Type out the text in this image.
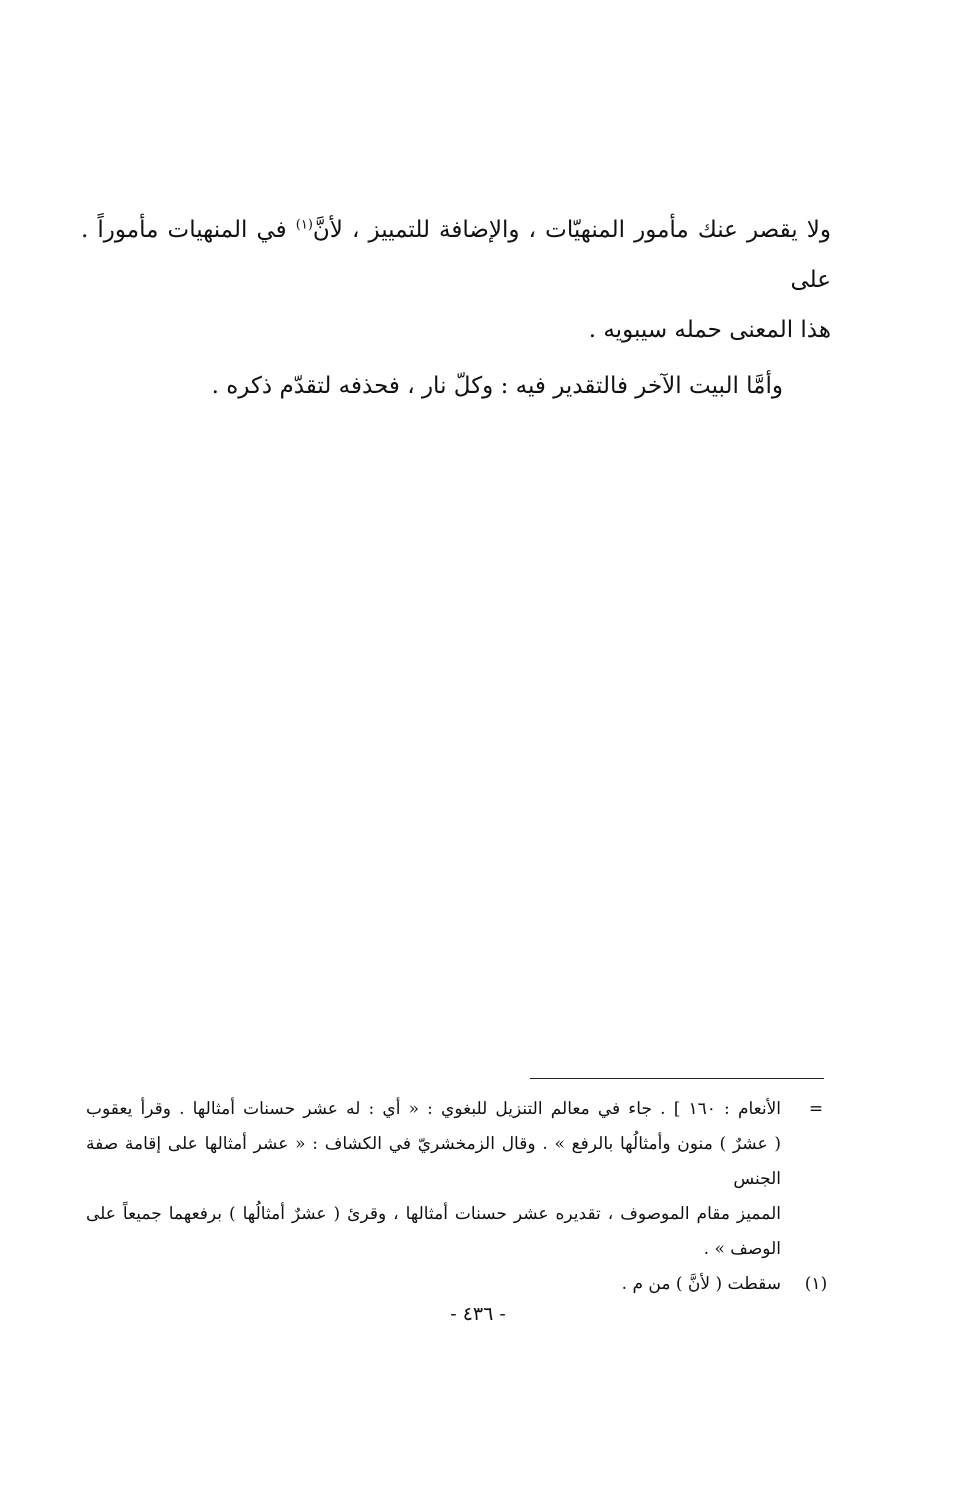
ولا يقصر عنك مأمور المنهيّات ، والإضافة للتمييز ، لأنَّ$^{(١)}$ في المنهيات مأموراً . على
هذا المعنى حمله سيبويه .

وأمَّا البيت الآخر فالتقدير فيه : وكلّ نار ، فحذفه لتقدّم ذكره .

=
الأنعام : ١٦٠ ] . جاء في معالم التنزيل للبغوي : « أي : له عشر حسنات أمثالها . وقرأ يعقوب
( عشرٌ ) منون وأمثالُها بالرفع » . وقال الزمخشريّ في الكشاف : « عشر أمثالها على إقامة صفة الجنس
المميز مقام الموصوف ، تقديره عشر حسنات أمثالها ، وقرئ ( عشرٌ أمثالُها ) برفعهما جميعاً على
الوصف » .
(١)
سقطت ( لأنَّ ) من م .
- ٤٣٦ -
